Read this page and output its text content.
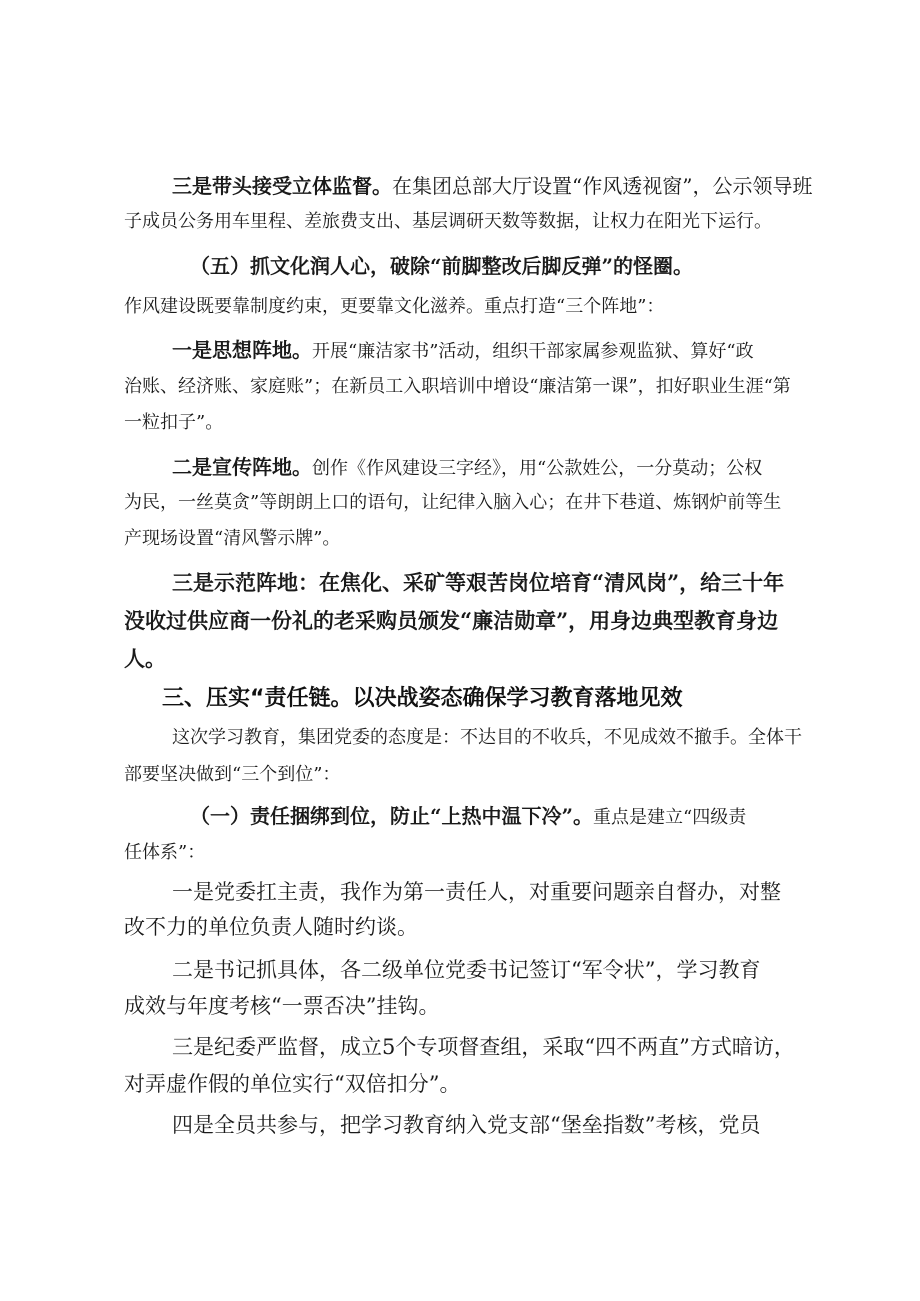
三是带头接受立体监督。在集团总部大厅设置“作风透视窗”，公示领导班
子成员公务用车里程、差旅费支出、基层调研天数等数据，让权力在阳光下运行。
（五）抓文化润人心，破除“前脚整改后脚反弹”的怪圈。
作风建设既要靠制度约束，更要靠文化滋养。重点打造“三个阵地”：
一是思想阵地。开展“廉洁家书”活动，组织干部家属参观监狱、算好“政
治账、经济账、家庭账”；在新员工入职培训中增设“廉洁第一课”，扣好职业生涯“第
一粒扣子”。
二是宣传阵地。创作《作风建设三字经》，用“公款姓公，一分莫动；公权
为民，一丝莫贪”等朗朗上口的语句，让纪律入脑入心；在井下巷道、炼钢炉前等生
产现场设置“清风警示牌”。
三是示范阵地：在焦化、采矿等艰苦岗位培育“清风岗”，给三十年
没收过供应商一份礼的老采购员颁发“廉洁勋章”，用身边典型教育身边
人。
三、压实“责任链。以决战姿态确保学习教育落地见效
这次学习教育，集团党委的态度是：不达目的不收兵，不见成效不撤手。全体干
部要坚决做到“三个到位”：
（一）责任捆绑到位，防止“上热中温下冷”。重点是建立“四级责
任体系”：
一是党委扛主责，我作为第一责任人，对重要问题亲自督办，对整
改不力的单位负责人随时约谈。
二是书记抓具体，各二级单位党委书记签订“军令状”，学习教育
成效与年度考核“一票否决”挂钩。
三是纪委严监督，成立5个专项督查组，采取“四不两直”方式暗访，
对弄虚作假的单位实行“双倍扣分”。
四是全员共参与，把学习教育纳入党支部“堡垒指数”考核，党员
